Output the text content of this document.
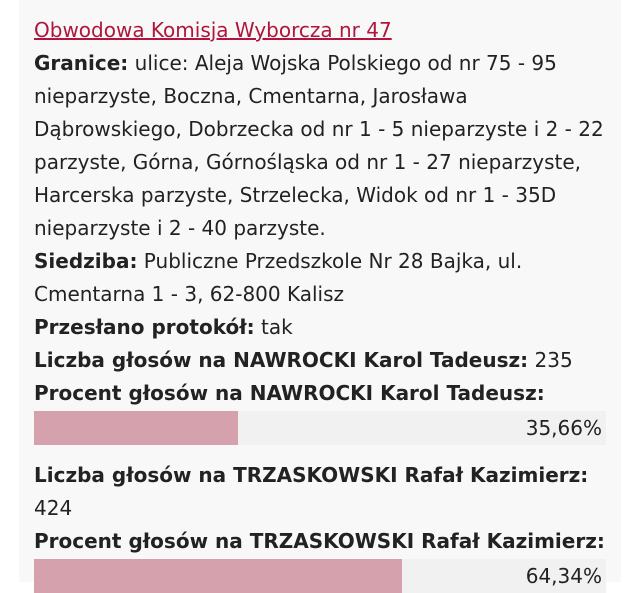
Obwodowa Komisja Wyborcza nr 47
Granice: ulice: Aleja Wojska Polskiego od nr 75 - 95 nieparzyste, Boczna, Cmentarna, Jarosława Dąbrowskiego, Dobrzecka od nr 1 - 5 nieparzyste i 2 - 22 parzyste, Górna, Górnośląska od nr 1 - 27 nieparzyste, Harcerska parzyste, Strzelecka, Widok od nr 1 - 35D nieparzyste i 2 - 40 parzyste.
Siedziba: Publiczne Przedszkole Nr 28 Bajka, ul. Cmentarna 1 - 3, 62-800 Kalisz
Przesłano protokół: tak
Liczba głosów na NAWROCKI Karol Tadeusz: 235
Procent głosów na NAWROCKI Karol Tadeusz:
35,66%
Liczba głosów na TRZASKOWSKI Rafał Kazimierz: 424
Procent głosów na TRZASKOWSKI Rafał Kazimierz:
64,34%
